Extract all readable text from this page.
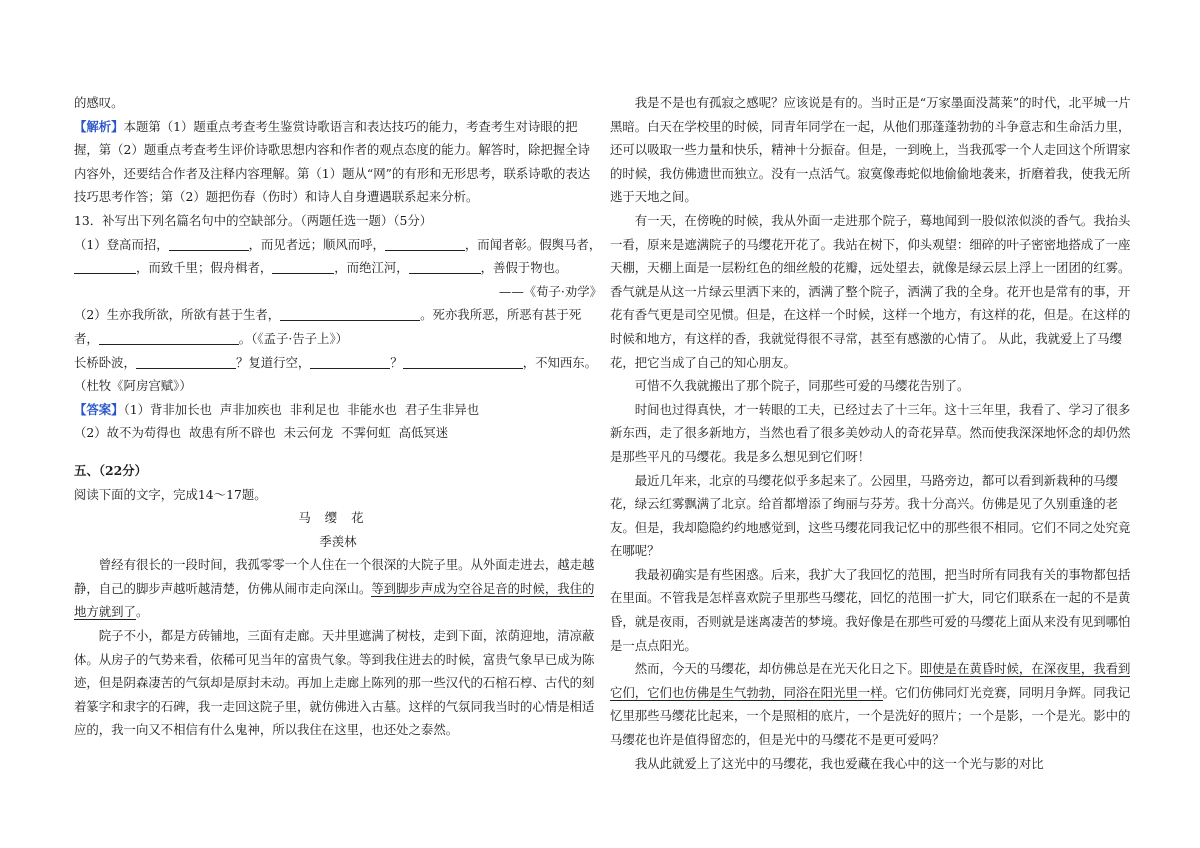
的感叹。

【解析】本题第（1）题重点考查考生鉴赏诗歌语言和表达技巧的能力，考查考生对诗眼的把握，第（2）题重点考查考生评价诗歌思想内容和作者的观点态度的能力。解答时，除把握全诗内容外，还要结合作者及注释内容理解。第（1）题从“网”的有形和无形思考，联系诗歌的表达技巧思考作答；第（2）题把伤春（伤时）和诗人自身遭遇联系起来分析。

13．补写出下列名篇名句中的空缺部分。（两题任选一题）（5分）

（1）登高而招，	，而见者远；顺风而呼，	，而闻者彰。假舆马者，，而致千里；假舟楫者，	，而绝江河，	，善假于物也。

——《荀子·劝学》

（2）生亦我所欲，所欲有甚于生者，	。死亦我所恶，所恶有甚于死者，	。（《孟子·告子上》）

长桥卧波，	？复道行空，	？	，不知西东。

（杜牧《阿房宫赋》）

【答案】（1）背非加长也 声非加疾也 非利足也 非能水也 君子生非异也

（2）故不为苟得也 故患有所不辟也 未云何龙 不霁何虹 高低冥迷

五、（22分）

阅读下面的文字，完成14～17题。

马缨花

季羡林

曾经有很长的一段时间，我孤零零一个人住在一个很深的大院子里。从外面走进去，越走越静，自己的脚步声越听越清楚，仿佛从闹市走向深山。等到脚步声成为空谷足音的时候，我住的地方就到了。

院子不小，都是方砖铺地，三面有走廊。天井里遮满了树枝，走到下面，浓荫迎地，清凉蔽体。从房子的气势来看，依稀可见当年的富贵气象。等到我住进去的时候，富贵气象早已成为陈迹，但是阴森凄苦的气氛却是原封未动。再加上走廊上陈列的那一些汉代的石棺石椁、古代的刻着篆字和隶字的石碑，我一走回这院子里，就仿佛进入古墓。这样的气氛同我当时的心情是相适应的，我一向又不相信有什么鬼神，所以我住在这里，也还处之泰然。

我是不是也有孤寂之感呢？应该说是有的。当时正是“万家墨面没蒿莱”的时代，北平城一片黑暗。白天在学校里的时候，同青年同学在一起，从他们那蓬蓬勃勃的斗争意志和生命活力里，还可以吸取一些力量和快乐，精神十分振奋。但是，一到晚上，当我孤零一个人走回这个所谓家的时候，我仿佛遗世而独立。没有一点活气。寂寞像毒蛇似地偷偷地袭来，折磨着我，使我无所逃于天地之间。

有一天，在傍晚的时候，我从外面一走进那个院子，蓦地闻到一股似浓似淡的香气。我抬头一看，原来是遮满院子的马缨花开花了。我站在树下，仰头观望：细碎的叶子密密地搭成了一座天棚，天棚上面是一层粉红色的细丝般的花瓣，远处望去，就像是绿云层上浮上一团团的红雾。香气就是从这一片绿云里洒下来的，洒满了整个院子，洒满了我的全身。花开也是常有的事，开花有香气更是司空见惯。但是，在这样一个时候，这样一个地方，有这样的花，但是。在这样的时候和地方，有这样的香，我就觉得很不寻常，甚至有感激的心情了。 从此，我就爱上了马缨花，把它当成了自己的知心朋友。

可惜不久我就搬出了那个院子，同那些可爱的马缨花告别了。

时间也过得真快，才一转眼的工夫，已经过去了十三年。这十三年里，我看了、学习了很多新东西，走了很多新地方，当然也看了很多美妙动人的奇花异草。然而使我深深地怀念的却仍然是那些平凡的马缨花。我是多么想见到它们呀！

最近几年来，北京的马缨花似乎多起来了。公园里，马路旁边，都可以看到新栽种的马缨花，绿云红雾飘满了北京。给首都增添了绚丽与芬芳。我十分高兴。仿佛是见了久别重逢的老友。但是，我却隐隐约约地感觉到，这些马缨花同我记忆中的那些很不相同。它们不同之处究竟在哪呢？

我最初确实是有些困惑。后来，我扩大了我回忆的范围，把当时所有同我有关的事物都包括在里面。不管我是怎样喜欢院子里那些马缨花，回忆的范围一扩大，同它们联系在一起的不是黄昏，就是夜雨，否则就是迷离凄苦的梦境。我好像是在那些可爱的马缨花上面从来没有见到哪怕是一点点阳光。

然而，今天的马缨花，却仿佛总是在光天化日之下。即使是在黄昏时候，在深夜里，我看到它们，它们也仿佛是生气勃勃，同浴在阳光里一样。它们仿佛同灯光竞赛，同明月争辉。同我记忆里那些马缨花比起来，一个是照相的底片，一个是洗好的照片；一个是影，一个是光。影中的马缨花也许是值得留恋的，但是光中的马缨花不是更可爱吗？

我从此就爱上了这光中的马缨花，我也爱藏在我心中的这一个光与影的对比
